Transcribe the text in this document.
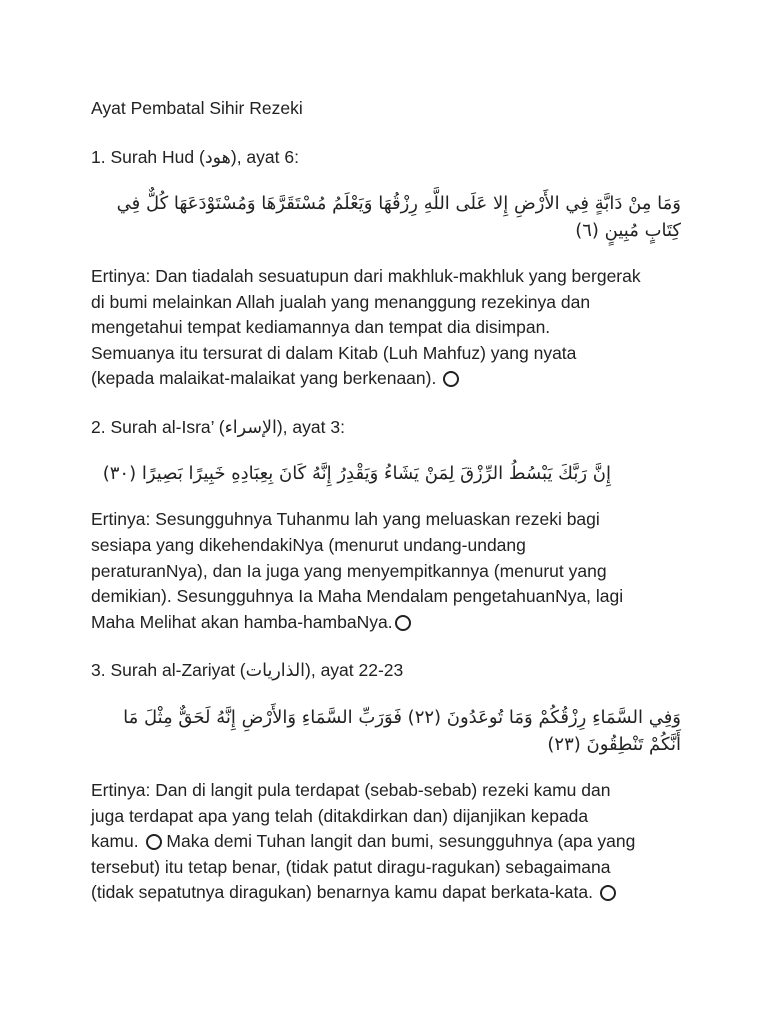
Ayat Pembatal Sihir Rezeki

1. Surah Hud (هود), ayat 6:

وَمَا مِنْ دَابَّةٍ فِي الأَرْضِ إِلا عَلَى اللَّهِ رِزْقُهَا وَيَعْلَمُ مُسْتَقَرَّهَا وَمُسْتَوْدَعَهَا كُلٌّ فِي كِتَابٍ مُبِينٍ (٦)

Ertinya: Dan tiadalah sesuatupun dari makhluk-makhluk yang bergerak

di bumi melainkan Allah jualah yang menanggung rezekinya dan

mengetahui tempat kediamannya dan tempat dia disimpan.

Semuanya itu tersurat di dalam Kitab (Luh Mahfuz) yang nyata

(kepada malaikat-malaikat yang berkenaan).

2. Surah al-Isra’ (الإسراء), ayat 3:

إِنَّ رَبَّكَ يَبْسُطُ الرِّزْقَ لِمَنْ يَشَاءُ وَيَقْدِرُ إِنَّهُ كَانَ بِعِبَادِهِ خَبِيرًا بَصِيرًا (٣٠)

Ertinya: Sesungguhnya Tuhanmu lah yang meluaskan rezeki bagi

sesiapa yang dikehendakiNya (menurut undang-undang

peraturanNya), dan Ia juga yang menyempitkannya (menurut yang

demikian). Sesungguhnya Ia Maha Mendalam pengetahuanNya, lagi

Maha Melihat akan hamba-hambaNya.

3. Surah al-Zariyat (الذاريات), ayat 22-23

وَفِي السَّمَاءِ رِزْقُكُمْ وَمَا تُوعَدُونَ (٢٢) فَوَرَبِّ السَّمَاءِ وَالأَرْضِ إِنَّهُ لَحَقٌّ مِثْلَ مَا أَنَّكُمْ تَنْطِقُونَ (٢٣)

Ertinya: Dan di langit pula terdapat (sebab-sebab) rezeki kamu dan

juga terdapat apa yang telah (ditakdirkan dan) dijanjikan kepada

kamu. Maka demi Tuhan langit dan bumi, sesungguhnya (apa yang

tersebut) itu tetap benar, (tidak patut diragu-ragukan) sebagaimana

(tidak sepatutnya diragukan) benarnya kamu dapat berkata-kata.
